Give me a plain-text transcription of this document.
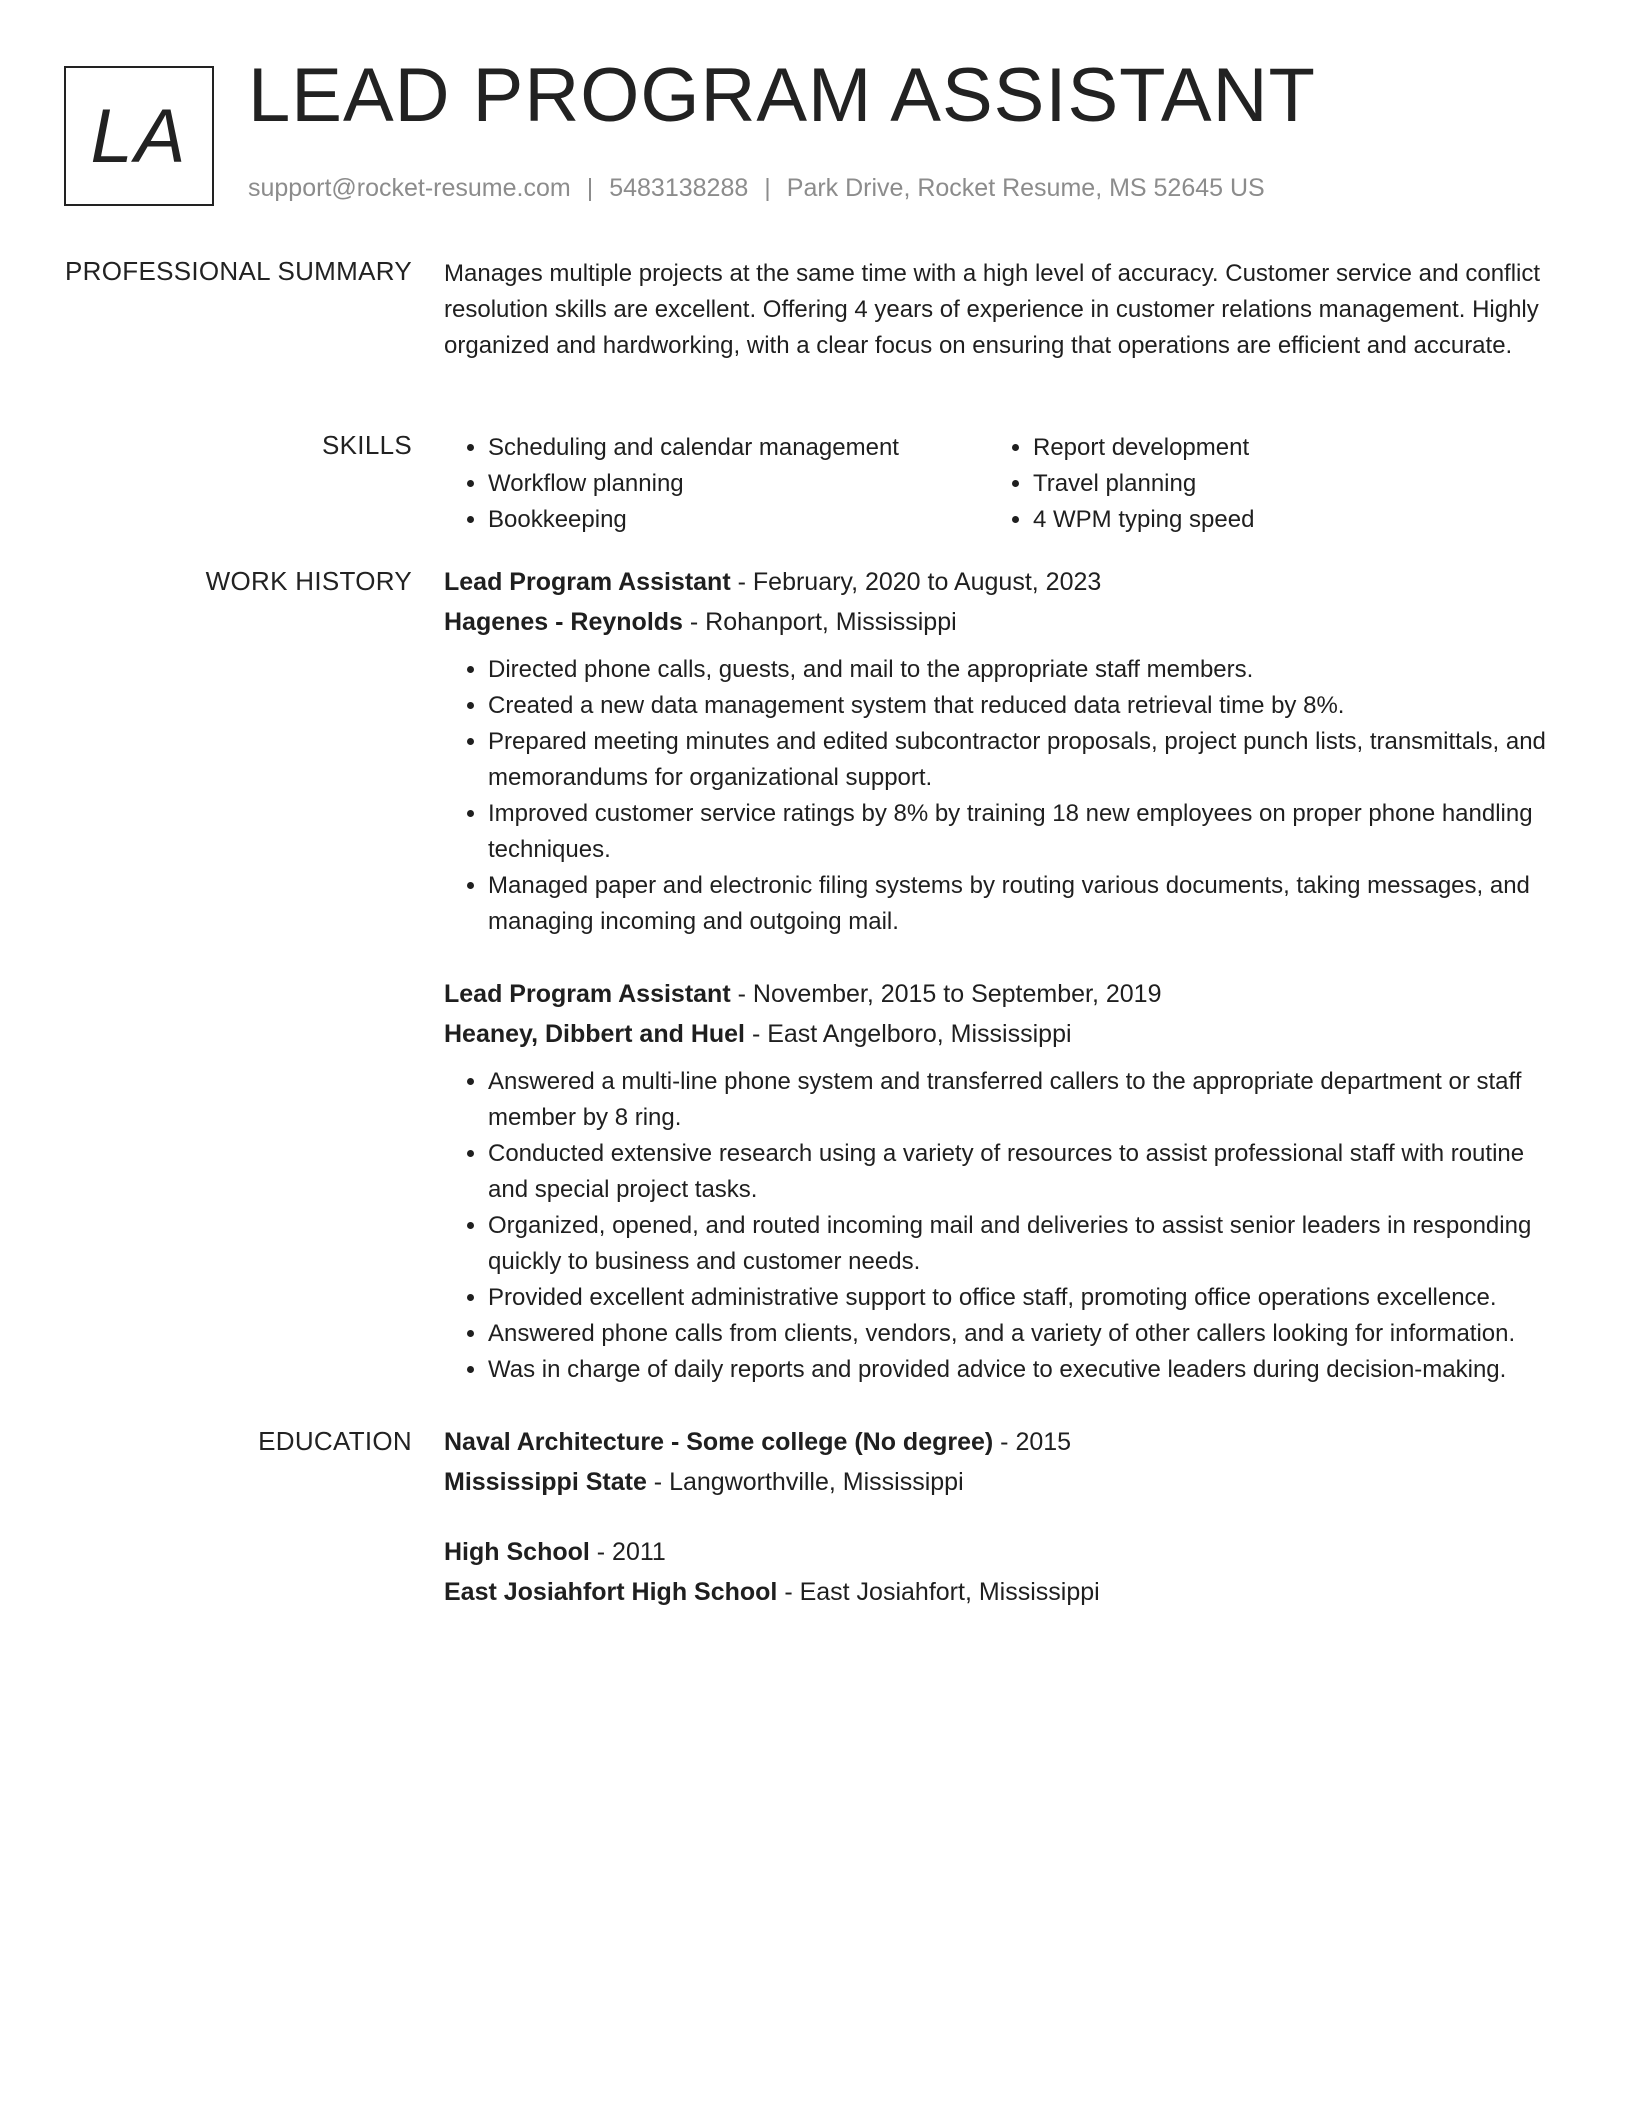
LA LEAD PROGRAM ASSISTANT
support@rocket-resume.com | 5483138288 | Park Drive, Rocket Resume, MS 52645 US
PROFESSIONAL SUMMARY Manages multiple projects at the same time with a high level of accuracy. Customer service and conflict resolution skills are excellent. Offering 4 years of experience in customer relations management. Highly organized and hardworking, with a clear focus on ensuring that operations are efficient and accurate.

SKILLS
•	Scheduling and calendar management
• Workflow planning
• Bookkeeping
• Report development
• Travel planning
• 4 WPM typing speed
WORK HISTORY Lead Program Assistant - February, 2020 to August, 2023
Hagenes - Reynolds - Rohanport, Mississippi
• Directed phone calls, guests, and mail to the appropriate staff members.
• Created a new data management system that reduced data retrieval time by 8%.
• Prepared meeting minutes and edited subcontractor proposals, project punch lists, transmittals, and memorandums for organizational support.
• Improved customer service ratings by 8% by training 18 new employees on proper phone handling techniques.
• Managed paper and electronic filing systems by routing various documents, taking messages, and managing incoming and outgoing mail.
Lead Program Assistant - November, 2015 to September, 2019
Heaney, Dibbert and Huel - East Angelboro, Mississippi
• Answered a multi-line phone system and transferred callers to the appropriate department or staff member by 8 ring.
• Conducted extensive research using a variety of resources to assist professional staff with routine and special project tasks.
• Organized, opened, and routed incoming mail and deliveries to assist senior leaders in responding quickly to business and customer needs.
• Provided excellent administrative support to office staff, promoting office operations excellence.
• Answered phone calls from clients, vendors, and a variety of other callers looking for information.
• Was in charge of daily reports and provided advice to executive leaders during decision-making.
EDUCATION Naval Architecture - Some college (No degree) - 2015
Mississippi State - Langworthville, Mississippi
High School - 2011
East Josiahfort High School - East Josiahfort, Mississippi
